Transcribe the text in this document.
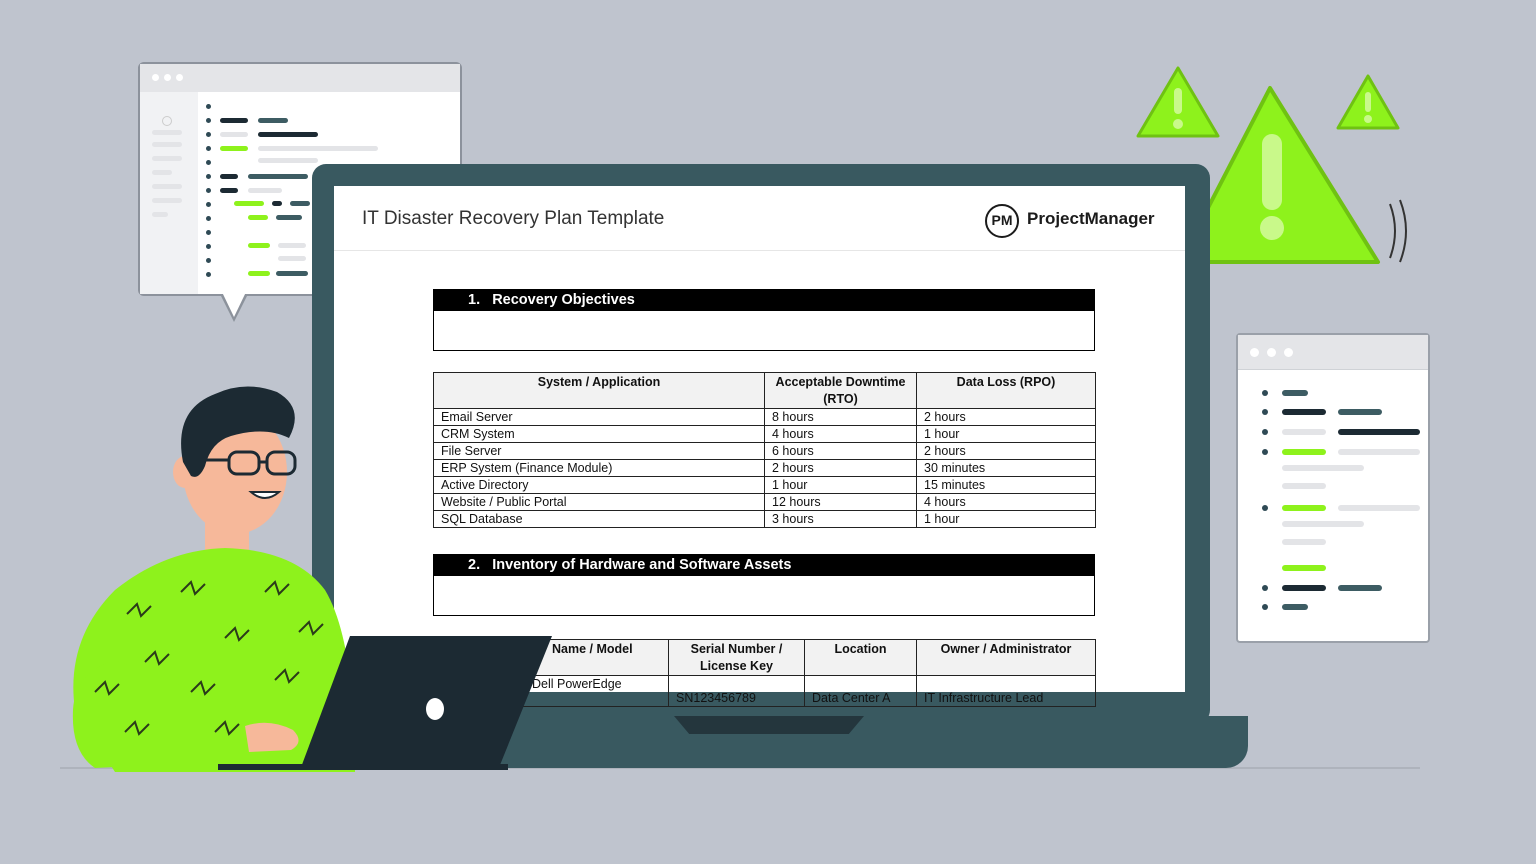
IT Disaster Recovery Plan Template	PM ProjectManager
1. Recovery Objectives
System / Application	Acceptable Downtime (RTO)	Data Loss (RPO)
Email Server	8 hours	2 hours
CRM System	4 hours	1 hour
File Server	6 hours	2 hours
ERP System (Finance Module)	2 hours	30 minutes
Active Directory	1 hour	15 minutes
Website / Public Portal	12 hours	4 hours
SQL Database	3 hours	1 hour
2. Inventory of Hardware and Software Assets
Name / Model	Serial Number / License Key	Location	Owner / Administrator
Dell PowerEdge	SN123456789	Data Center A	IT Infrastructure Lead
